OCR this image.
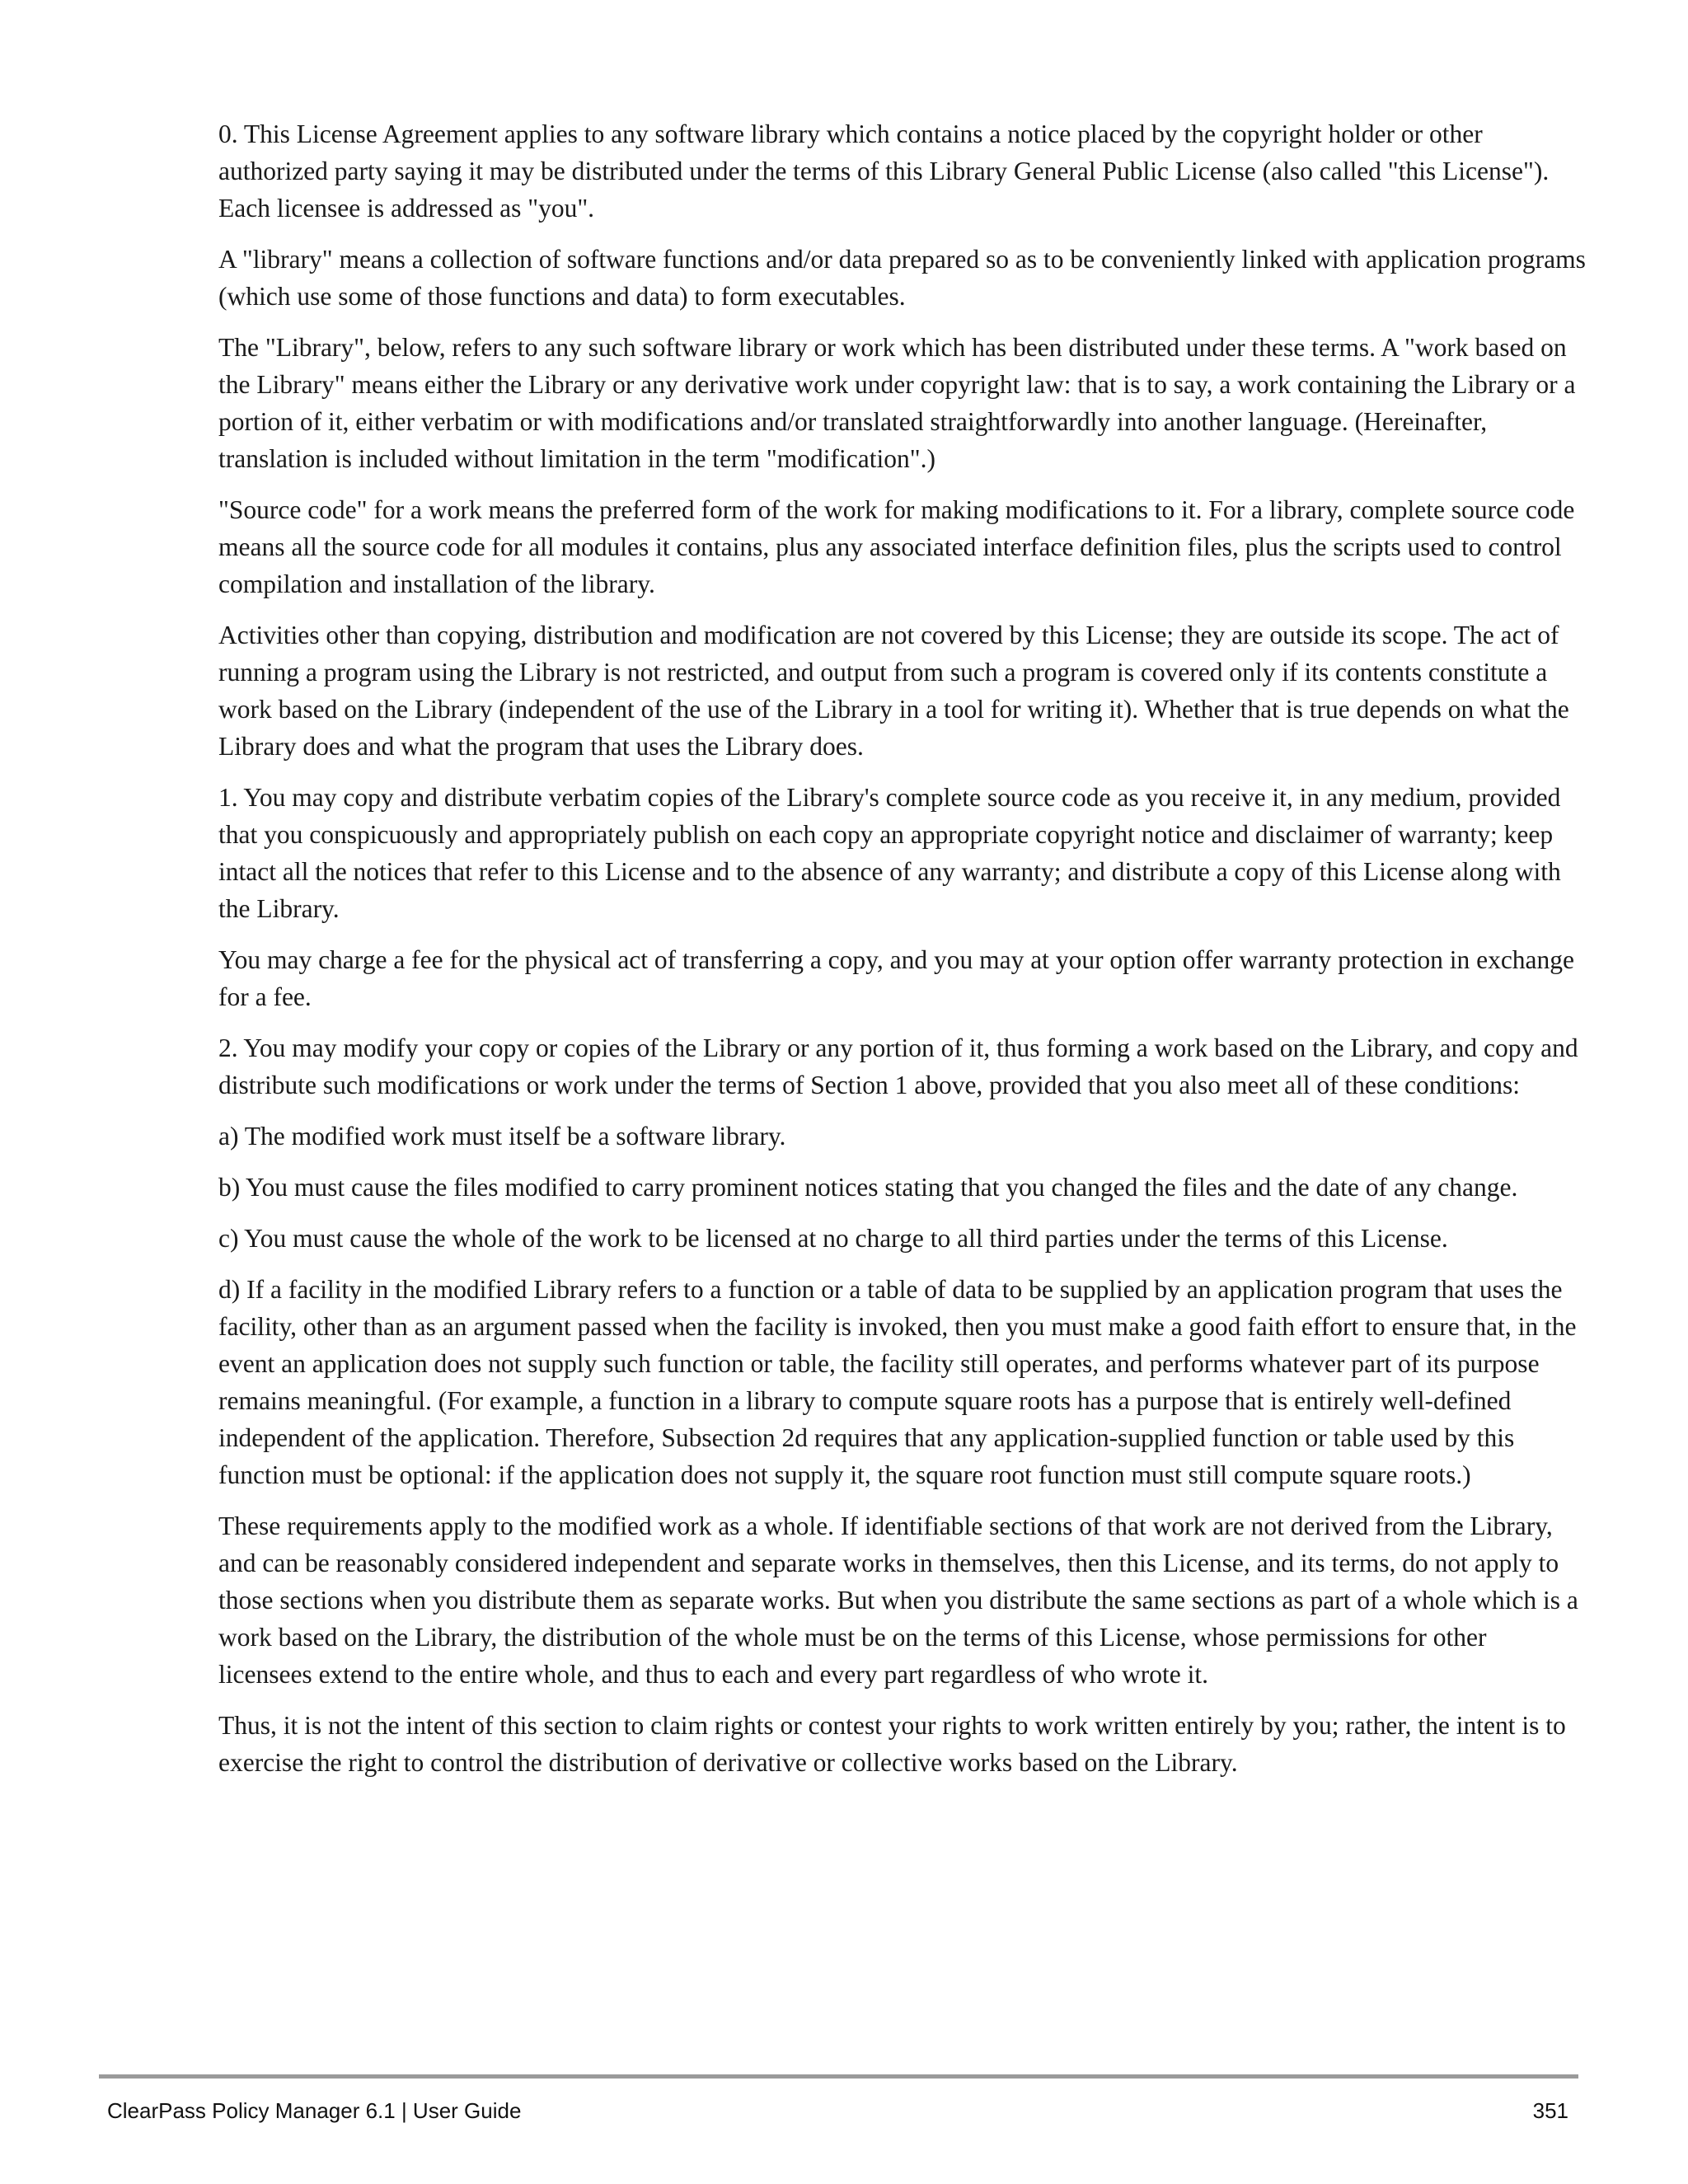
0. This License Agreement applies to any software library which contains a notice placed by the copyright holder or other authorized party saying it may be distributed under the terms of this Library General Public License (also called "this License"). Each licensee is addressed as "you".

A "library" means a collection of software functions and/or data prepared so as to be conveniently linked with application programs (which use some of those functions and data) to form executables.

The "Library", below, refers to any such software library or work which has been distributed under these terms. A "work based on the Library" means either the Library or any derivative work under copyright law: that is to say, a work containing the Library or a portion of it, either verbatim or with modifications and/or translated straightforwardly into another language. (Hereinafter, translation is included without limitation in the term "modification".)

"Source code" for a work means the preferred form of the work for making modifications to it. For a library, complete source code means all the source code for all modules it contains, plus any associated interface definition files, plus the scripts used to control compilation and installation of the library.

Activities other than copying, distribution and modification are not covered by this License; they are outside its scope. The act of running a program using the Library is not restricted, and output from such a program is covered only if its contents constitute a work based on the Library (independent of the use of the Library in a tool for writing it). Whether that is true depends on what the Library does and what the program that uses the Library does.

1. You may copy and distribute verbatim copies of the Library's complete source code as you receive it, in any medium, provided that you conspicuously and appropriately publish on each copy an appropriate copyright notice and disclaimer of warranty; keep intact all the notices that refer to this License and to the absence of any warranty; and distribute a copy of this License along with the Library.

You may charge a fee for the physical act of transferring a copy, and you may at your option offer warranty protection in exchange for a fee.

2. You may modify your copy or copies of the Library or any portion of it, thus forming a work based on the Library, and copy and distribute such modifications or work under the terms of Section 1 above, provided that you also meet all of these conditions:

a) The modified work must itself be a software library.

b) You must cause the files modified to carry prominent notices stating that you changed the files and the date of any change.

c) You must cause the whole of the work to be licensed at no charge to all third parties under the terms of this License.

d) If a facility in the modified Library refers to a function or a table of data to be supplied by an application program that uses the facility, other than as an argument passed when the facility is invoked, then you must make a good faith effort to ensure that, in the event an application does not supply such function or table, the facility still operates, and performs whatever part of its purpose remains meaningful. (For example, a function in a library to compute square roots has a purpose that is entirely well-defined independent of the application. Therefore, Subsection 2d requires that any application-supplied function or table used by this function must be optional: if the application does not supply it, the square root function must still compute square roots.)

These requirements apply to the modified work as a whole. If identifiable sections of that work are not derived from the Library, and can be reasonably considered independent and separate works in themselves, then this License, and its terms, do not apply to those sections when you distribute them as separate works. But when you distribute the same sections as part of a whole which is a work based on the Library, the distribution of the whole must be on the terms of this License, whose permissions for other licensees extend to the entire whole, and thus to each and every part regardless of who wrote it.

Thus, it is not the intent of this section to claim rights or contest your rights to work written entirely by you; rather, the intent is to exercise the right to control the distribution of derivative or collective works based on the Library.

ClearPass Policy Manager 6.1 | User Guide	351
